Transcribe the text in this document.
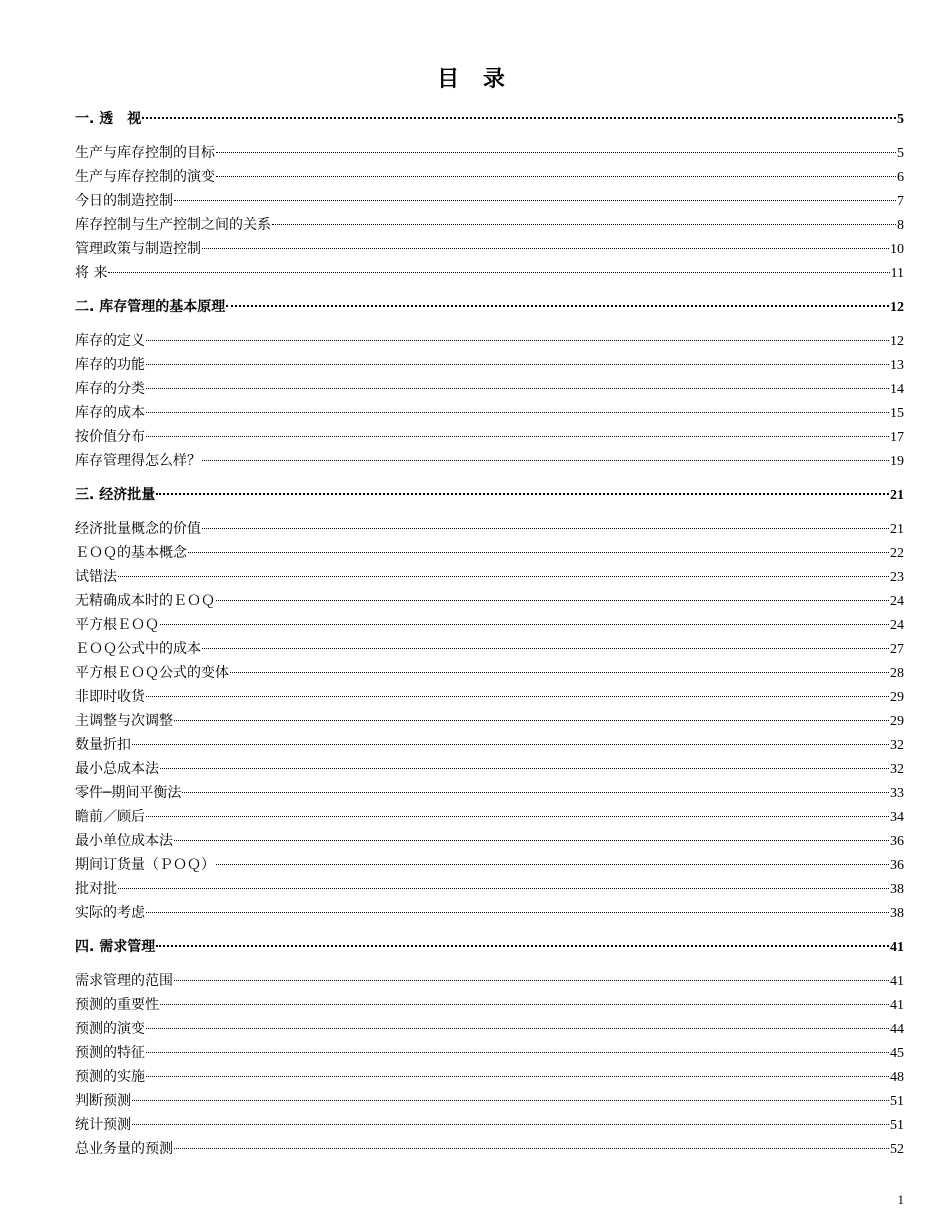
目 录
一. 透　视	5
生产与库存控制的目标	5
生产与库存控制的演变	6
今日的制造控制	7
库存控制与生产控制之间的关系	8
管理政策与制造控制	10
将 来	11
二. 库存管理的基本原理	12
库存的定义	12
库存的功能	13
库存的分类	14
库存的成本	15
按价值分布	17
库存管理得怎么样？	19
三. 经济批量	21
经济批量概念的价值	21
ＥＯＱ的基本概念	22
试错法	23
无精确成本时的ＥＯＱ	24
平方根ＥＯＱ	24
ＥＯＱ公式中的成本	27
平方根ＥＯＱ公式的变体	28
非即时收货	29
主调整与次调整	29
数量折扣	32
最小总成本法	32
零件─期间平衡法	33
瞻前／顾后	34
最小单位成本法	36
期间订货量（ＰＯＱ）	36
批对批	38
实际的考虑	38
四. 需求管理	41
需求管理的范围	41
预测的重要性	41
预测的演变	44
预测的特征	45
预测的实施	48
判断预测	51
统计预测	51
总业务量的预测	52
1
